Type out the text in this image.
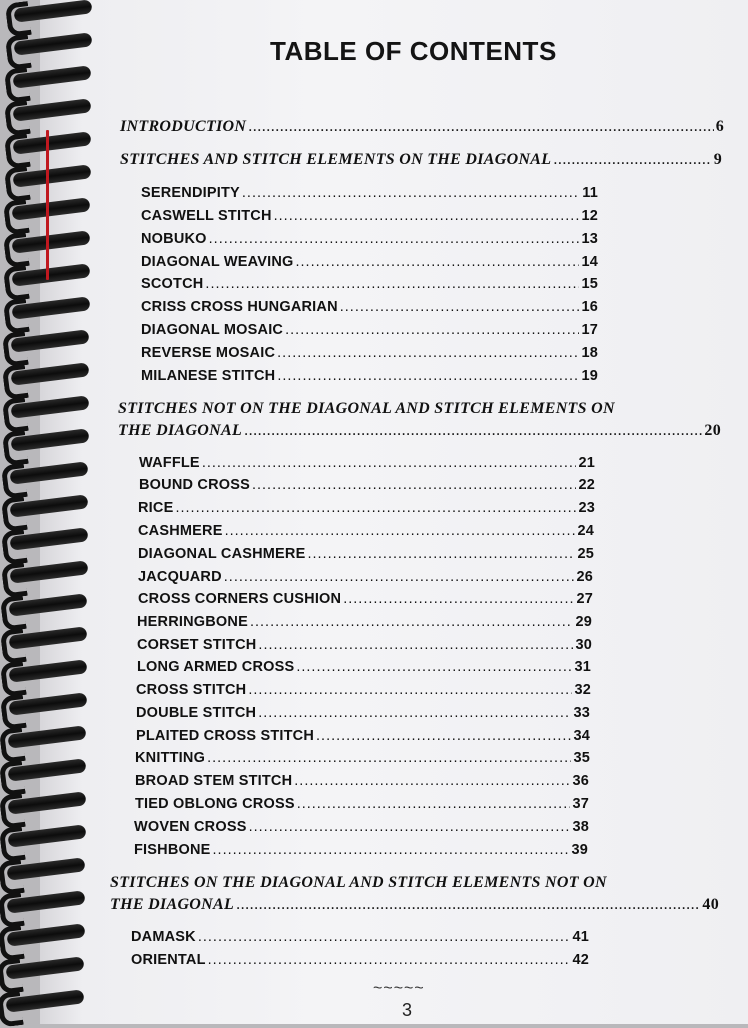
TABLE OF CONTENTS
INTRODUCTION .....	6
STITCHES AND STITCH ELEMENTS ON THE DIAGONAL .....	9
SERENDIPITY .....	11
CASWELL STITCH .....	12
NOBUKO .....	13
DIAGONAL WEAVING .....	14
SCOTCH .....	15
CRISS CROSS HUNGARIAN .....	16
DIAGONAL MOSAIC .....	17
REVERSE MOSAIC .....	18
MILANESE STITCH .....	19
STITCHES NOT ON THE DIAGONAL AND STITCH ELEMENTS ON
THE DIAGONAL .....	20
WAFFLE .....	21
BOUND CROSS .....	22
RICE .....	23
CASHMERE .....	24
DIAGONAL CASHMERE .....	25
JACQUARD .....	26
CROSS CORNERS CUSHION .....	27
HERRINGBONE .....	29
CORSET STITCH .....	30
LONG ARMED CROSS .....	31
CROSS STITCH .....	32
DOUBLE STITCH .....	33
PLAITED CROSS STITCH .....	34
KNITTING .....	35
BROAD STEM STITCH .....	36
TIED OBLONG CROSS .....	37
WOVEN CROSS .....	38
FISHBONE .....	39
STITCHES ON THE DIAGONAL AND STITCH ELEMENTS NOT ON
THE DIAGONAL .....	40
DAMASK .....	41
ORIENTAL .....	42
~~~~~
3
